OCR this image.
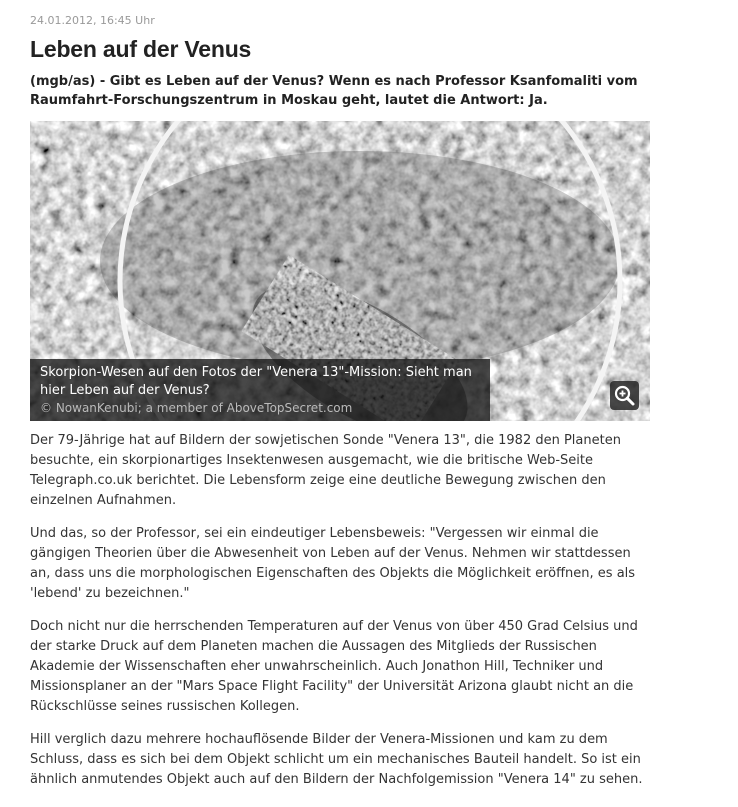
24.01.2012, 16:45 Uhr
Leben auf der Venus

(mgb/as) - Gibt es Leben auf der Venus? Wenn es nach Professor Ksanfomaliti vom Raumfahrt-Forschungszentrum in Moskau geht, lautet die Antwort: Ja.

Skorpion-Wesen auf den Fotos der "Venera 13"-Mission: Sieht man hier Leben auf der Venus?
© NowanKenubi; a member of AboveTopSecret.com

Der 79-Jährige hat auf Bildern der sowjetischen Sonde "Venera 13", die 1982 den Planeten besuchte, ein skorpionartiges Insektenwesen ausgemacht, wie die britische Web-Seite Telegraph.co.uk berichtet. Die Lebensform zeige eine deutliche Bewegung zwischen den einzelnen Aufnahmen.

Und das, so der Professor, sei ein eindeutiger Lebensbeweis: "Vergessen wir einmal die gängigen Theorien über die Abwesenheit von Leben auf der Venus. Nehmen wir stattdessen an, dass uns die morphologischen Eigenschaften des Objekts die Möglichkeit eröffnen, es als 'lebend' zu bezeichnen."

Doch nicht nur die herrschenden Temperaturen auf der Venus von über 450 Grad Celsius und der starke Druck auf dem Planeten machen die Aussagen des Mitglieds der Russischen Akademie der Wissenschaften eher unwahrscheinlich. Auch Jonathon Hill, Techniker und Missionsplaner an der "Mars Space Flight Facility" der Universität Arizona glaubt nicht an die Rückschlüsse seines russischen Kollegen.

Hill verglich dazu mehrere hochauflösende Bilder der Venera-Missionen und kam zu dem Schluss, dass es sich bei dem Objekt schlicht um ein mechanisches Bauteil handelt. So ist ein ähnlich anmutendes Objekt auch auf den Bildern der Nachfolgemission "Venera 14" zu sehen.
